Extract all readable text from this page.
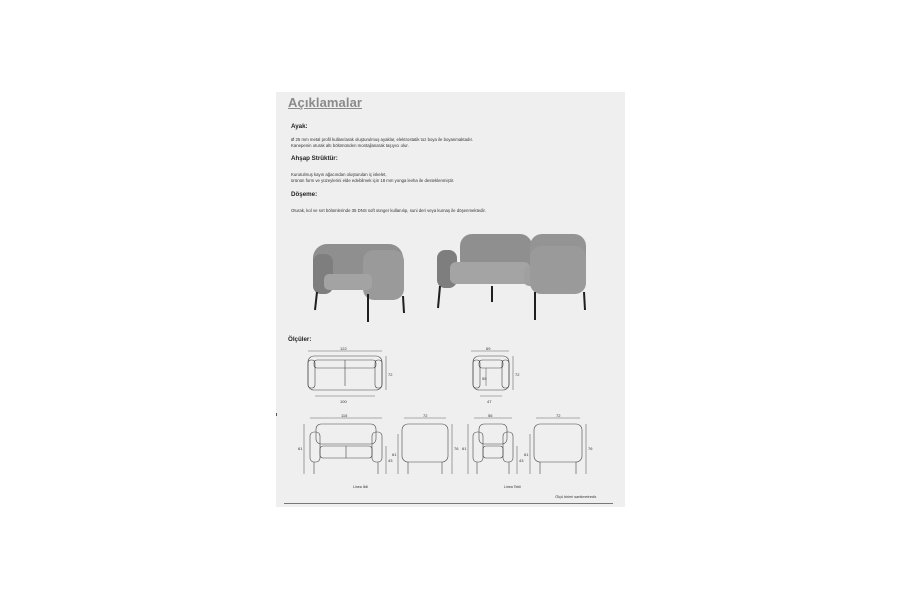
Açıklamalar
Ayak:
Ø 25 mm metal profil kullanılarak oluşturulmuş ayaklar, elektrostatik toz boya ile boyanmaktadır.
Kanepenin oturak altı bölümünden montajlanarak taşıyıcı olur.
Ahşap Strüktür:
Kurutulmuş kayın ağacından oluşturulan iç iskelet,
ürünün form ve yüzeylerini elde edebilmek için 18 mm yonga levha ile desteklenmiştir.
Döşeme:
Oturak, kol ve sırt bölümlerinde 35 DNS soft sünger kullanılıp, suni deri veya kumaş ile döşenmektedir.
Ölçüler:
122
72
100
69
55
72
47
115
61
43
72
61
76
56
43
61
72
61
76
Linea İkili	Linea Tekli
Ölçü birimi santimetredir.
